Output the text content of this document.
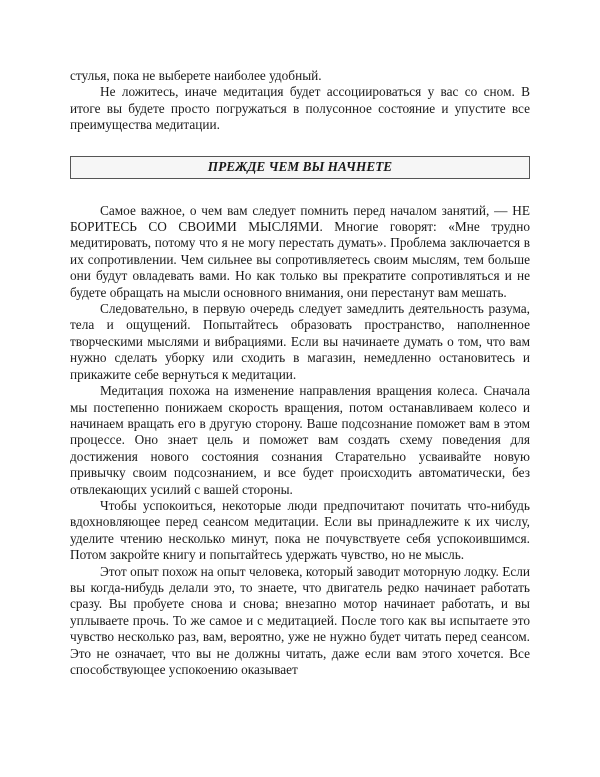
стулья, пока не выберете наиболее удобный.

Не ложитесь, иначе медитация будет ассоциироваться у вас со сном. В итоге вы будете просто погружаться в полусонное состояние и упустите все преимущества медитации.

ПРЕЖДЕ ЧЕМ ВЫ НАЧНЕТЕ

Самое важное, о чем вам следует помнить перед началом занятий, — НЕ БОРИТЕСЬ СО СВОИМИ МЫСЛЯМИ. Многие говорят: «Мне трудно медитировать, потому что я не могу перестать думать». Проблема заключается в их сопротивлении. Чем сильнее вы сопротивляетесь своим мыслям, тем больше они будут овладевать вами. Но как только вы прекратите сопротивляться и не будете обращать на мысли основного внимания, они перестанут вам мешать.

Следовательно, в первую очередь следует замедлить деятельность разума, тела и ощущений. Попытайтесь образовать пространство, наполненное творческими мыслями и вибрациями. Если вы начинаете думать о том, что вам нужно сделать уборку или сходить в магазин, немедленно остановитесь и прикажите себе вернуться к медитации.

Медитация похожа на изменение направления вращения колеса. Сначала мы постепенно понижаем скорость вращения, потом останавливаем колесо и начинаем вращать его в другую сторону. Ваше подсознание поможет вам в этом процессе. Оно знает цель и поможет вам создать схему поведения для достижения нового состояния сознания Старательно усваивайте новую привычку своим подсознанием, и все будет происходить автоматически, без отвлекающих усилий с вашей стороны.

Чтобы успокоиться, некоторые люди предпочитают почитать что-нибудь вдохновляющее перед сеансом медитации. Если вы принадлежите к их числу, уделите чтению несколько минут, пока не почувствуете себя успокоившимся. Потом закройте книгу и попытайтесь удержать чувство, но не мысль.

Этот опыт похож на опыт человека, который заводит моторную лодку. Если вы когда-нибудь делали это, то знаете, что двигатель редко начинает работать сразу. Вы пробуете снова и снова; внезапно мотор начинает работать, и вы уплываете прочь. То же самое и с медитацией. После того как вы испытаете это чувство несколько раз, вам, вероятно, уже не нужно будет читать перед сеансом. Это не означает, что вы не должны читать, даже если вам этого хочется. Все способствующее успокоению оказывает
